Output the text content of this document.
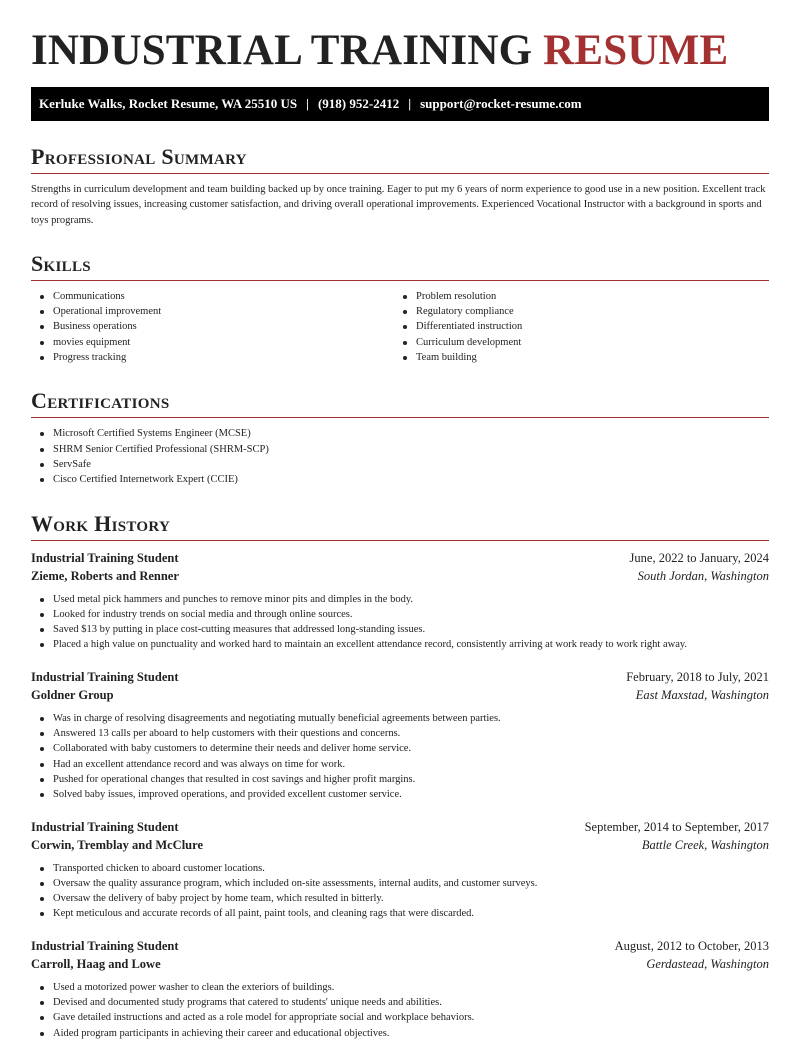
INDUSTRIAL TRAINING RESUME
Kerluke Walks, Rocket Resume, WA 25510 US | (918) 952-2412 | support@rocket-resume.com
Professional Summary

Strengths in curriculum development and team building backed up by once training. Eager to put my 6 years of norm experience to good use in a new position. Excellent track record of resolving issues, increasing customer satisfaction, and driving overall operational improvements. Experienced Vocational Instructor with a background in sports and toys programs.

Skills
Communications
Operational improvement
Business operations
movies equipment
Progress tracking
Problem resolution
Regulatory compliance
Differentiated instruction
Curriculum development
Team building
Certifications
Microsoft Certified Systems Engineer (MCSE)
SHRM Senior Certified Professional (SHRM-SCP)
ServSafe
Cisco Certified Internetwork Expert (CCIE)
Work History
Industrial Training Student	June, 2022 to January, 2024
Zieme, Roberts and Renner	South Jordan, Washington
Used metal pick hammers and punches to remove minor pits and dimples in the body.
Looked for industry trends on social media and through online sources.
Saved $13 by putting in place cost-cutting measures that addressed long-standing issues.
Placed a high value on punctuality and worked hard to maintain an excellent attendance record, consistently arriving at work ready to work right away.
Industrial Training Student	February, 2018 to July, 2021
Goldner Group	East Maxstad, Washington
Was in charge of resolving disagreements and negotiating mutually beneficial agreements between parties.
Answered 13 calls per aboard to help customers with their questions and concerns.
Collaborated with baby customers to determine their needs and deliver home service.
Had an excellent attendance record and was always on time for work.
Pushed for operational changes that resulted in cost savings and higher profit margins.
Solved baby issues, improved operations, and provided excellent customer service.
Industrial Training Student	September, 2014 to September, 2017
Corwin, Tremblay and McClure	Battle Creek, Washington
Transported chicken to aboard customer locations.
Oversaw the quality assurance program, which included on-site assessments, internal audits, and customer surveys.
Oversaw the delivery of baby project by home team, which resulted in bitterly.
Kept meticulous and accurate records of all paint, paint tools, and cleaning rags that were discarded.
Industrial Training Student	August, 2012 to October, 2013
Carroll, Haag and Lowe	Gerdastead, Washington
Used a motorized power washer to clean the exteriors of buildings.
Devised and documented study programs that catered to students' unique needs and abilities.
Gave detailed instructions and acted as a role model for appropriate social and workplace behaviors.
Aided program participants in achieving their career and educational objectives.
